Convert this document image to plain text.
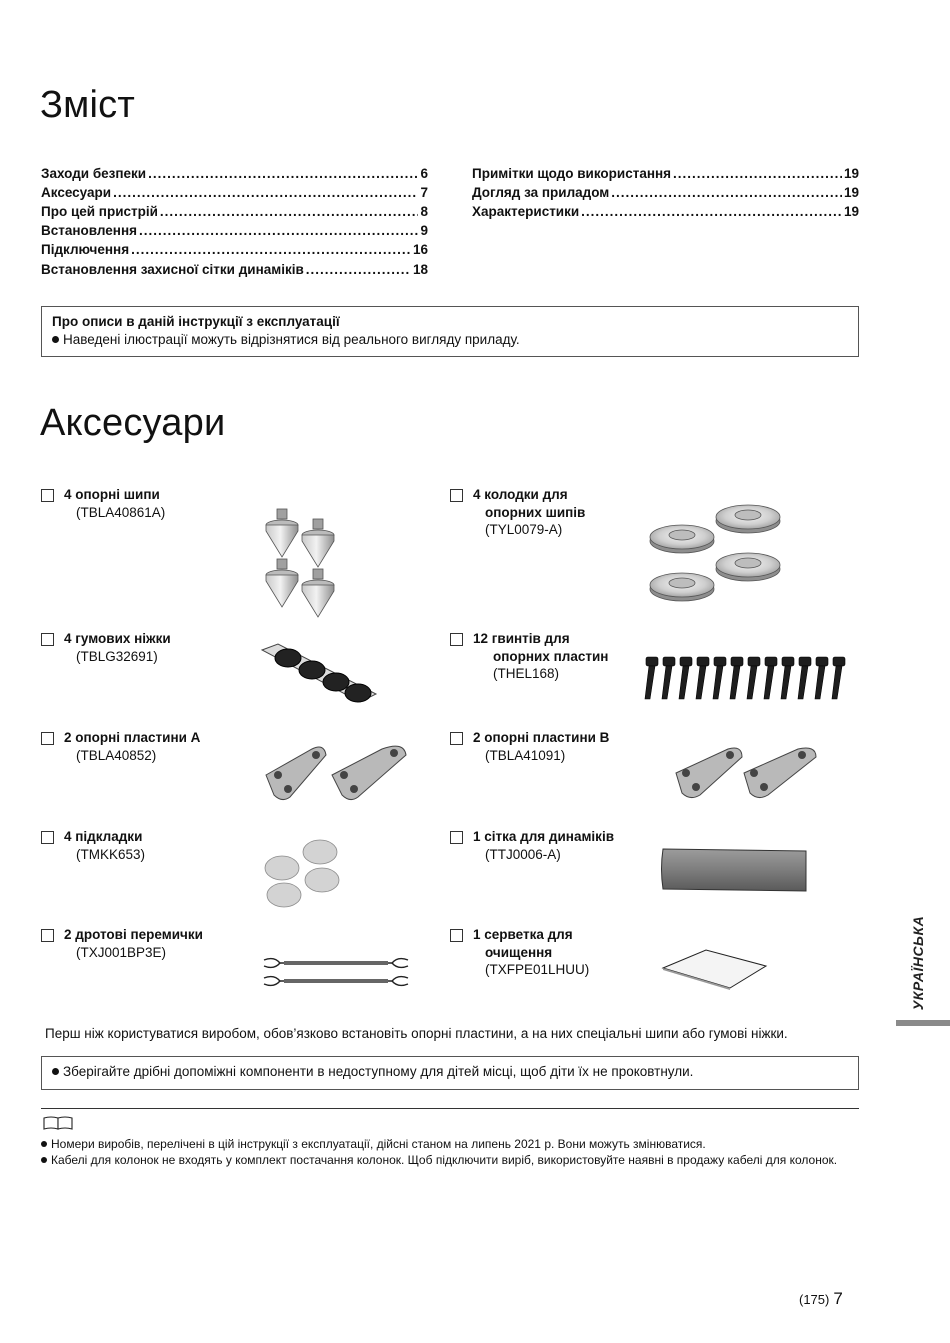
Зміст
Заходи безпеки .....	6
Аксесуари .....	7
Про цей пристрій .....	8
Встановлення .....	9
Підключення .....	16
Встановлення захисної сітки динаміків .....	18
Примітки щодо використання .....	19
Догляд за приладом .....	19
Характеристики .....	19
Про описи в даній інструкції з експлуатації
Наведені ілюстрації можуть відрізнятися від реального вигляду приладу.
Аксесуари
4 опорні шипи
(TBLA40861A)
4 колодки для
опорних шипів
(TYL0079-A)
4 гумових ніжки
(TBLG32691)
12 гвинтів для
опорних пластин
(THEL168)
2 опорні пластини A
(TBLA40852)
2 опорні пластини B
(TBLA41091)
4 підкладки
(TMKK653)
1 сітка для динаміків
(TTJ0006-A)
2 дротові перемички
(TXJ001BP3E)
1 серветка для
очищення
(TXFPE01LHUU)
Перш ніж користуватися виробом, обов’язково встановіть опорні пластини, а на них спеціальні шипи або гумові ніжки.
Зберігайте дрібні допоміжні компоненти в недоступному для дітей місці, щоб діти їх не проковтнули.
Номери виробів, перелічені в цій інструкції з експлуатації, дійсні станом на липень 2021 р. Вони можуть змінюватися.
Кабелі для колонок не входять у комплект постачання колонок. Щоб підключити виріб, використовуйте наявні в продажу кабелі для колонок.
УКРАЇНСЬКА
(175) 7
